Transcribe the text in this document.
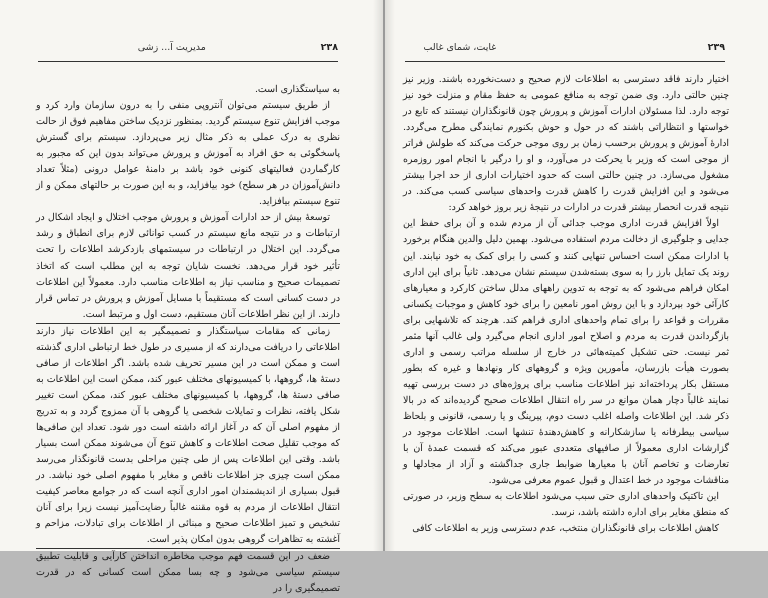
۲۳۸                                      مدیریت آ... زشی

به سیاستگذاری است.

از طریق سیستم می‌توان آنتروپی منفی را به درون سازمان وارد کرد و موجب افزایش تنوع سیستم گردید. بمنظور نزدیک ساختن مفاهیم فوق از حالت نظری به درک عملی به ذکر مثال زیر می‌پردازد. سیستم برای گسترش پاسخگوئی به حق افراد به آموزش و پرورش می‌تواند بدون این که مجبور به کارگماردن فعالیتهای کنونی خود باشد بر دامنهٔ عوامل درونی (مثلاً تعداد دانش‌آموزان در هر سطح) خود بیافزاید، و به این صورت بر حالتهای ممکن و از تنوع سیستم بیافزاید.

توسعهٔ بیش از حد ادارات آموزش و پرورش موجب اختلال و ایجاد اشکال در ارتباطات و در نتیجه مانع سیستم در کسب توانائی لازم برای انطباق و رشد می‌گردد. این اختلال در ارتباطات در سیستمهای بازدکرشد اطلاعات را تحت تأثیر خود قرار می‌دهد. نخست شایان توجه به این مطلب است که اتخاذ تصمیمات صحیح و مناسب نیاز به اطلاعات مناسب دارد. معمولاً این اطلاعات در دست کسانی است که مستقیماً با مسایل آموزش و پرورش در تماس قرار دارند. از این نظر اطلاعات آنان مستقیم، دست اول و مرتبط است.

زمانی که مقامات سیاستگذار و تصمیمگیر به این اطلاعات نیاز دارند اطلاعاتی را دریافت می‌دارند که از مسیری در طول خط ارتباطی اداری گذشته است و ممکن است در این مسیر تحریف شده باشد. اگر اطلاعات از صافی دستهٔ ها، گروهها، با کمیسیونهای مختلف عبور کند، ممکن است این اطلاعات به صافی دستهٔ ها، گروهها، با کمیسیونهای مختلف عبور کند، ممکن است تغییر شکل یافته، نظرات و تمایلات شخصی یا گروهی با آن ممزوج گردد و به تدریج از مفهوم اصلی آن که در آغاز ارائه داشته است دور شود. تعداد این صافی‌ها که موجب تقلیل صحت اطلاعات و کاهش تنوع آن می‌شوند ممکن است بسیار باشد. وقتی این اطلاعات پس از طی چنین مراحلی بدست قانونگذار می‌رسد ممکن است چیزی جز اطلاعات ناقص و مغایر با مفهوم اصلی خود نباشد. در قبول بسیاری از اندیشمندان امور اداری آنچه است که در جوامع معاصر کیفیت انتقال اطلاعات از مردم به قوه مقننه غالباً رضایت‌آمیز نیست زیرا برای آنان تشخیص و تمیز اطلاعات صحیح و مبنائی از اطلاعات برای تبادلات، مزاحم و آغشته به تظاهرات گروهی بدون امکان پذیر است.

ضعف در این قسمت فهم موجب مخاطره انداختن کارآیی و قابلیت تطبیق سیستم سیاسی می‌شود و چه بسا ممکن است کسانی که در قدرت تصمیمگیری را در

۲۳۹                                                                      غایت، شمای غالب

اختیار دارند فاقد دسترسی به اطلاعات لازم صحیح و دست‌نخورده باشند. وزیر نیز چنین حالتی دارد. وی ضمن توجه به منافع عمومی به حفظ مقام و منزلت خود نیز توجه دارد. لذا مسئولان ادارات آموزش و پرورش چون قانونگذاران نیستند که تابع در خواستها و انتظاراتی باشند که در حول و حوش بکنورم نمایندگی مطرح می‌گردد. ادارهٔ آموزش و پرورش برحسب زمان بر روی موجی حرکت می‌کند که طولش فراتر از موجی است که وزیر با یحرکت در می‌آورد، و او را درگیر با انجام امور روزمره مشغول می‌سازد. در چنین حالتی است که حدود اختیارات اداری از حد اجرا بیشتر می‌شود و این افزایش قدرت را کاهش قدرت واحدهای سیاسی کسب می‌کند. در نتیجه قدرت انحصار بیشتر قدرت در ادارات در نتیجهٔ زیر بروز خواهد کرد:

اولاً افزایش قدرت اداری موجب جدائی آن از مردم شده و آن برای حفظ این جدایی و جلوگیری از دخالت مردم استفاده می‌شود. بهمین دلیل والدین هنگام برخورد با ادارات ممکن است احساس تنهایی کنند و کسی را برای کمک به خود نیابند. این روند یک تمایل بارز را به سوی بسته‌شدن سیستم نشان می‌دهد. ثانیاً برای این اداری امکان فراهم می‌شود که به توجه به تدوین راههای مدلل ساختن کارکرد و معیارهای کارآئی خود بپردازد و با این روش امور نامعین را برای خود کاهش و موجبات یکسانی مقررات و قواعد را برای تمام واحدهای اداری فراهم کند. هرچند که تلاشهایی برای بازگرداندن قدرت به مردم و اصلاح امور اداری انجام می‌گیرد ولی غالب آنها مثمر ثمر نیست. حتی تشکیل کمیته‌هائی در خارج از سلسله مراتب رسمی و اداری بصورت هیأت بازرسان، مأمورین ویژه و گروههای کار ونهادها و غیره که بطور مستقل بکار پرداخته‌اند نیز اطلاعات مناسب برای پروژه‌های در دست بررسی تهیه نمایند غالباً دچار همان موانع در سر راه انتقال اطلاعات صحیح گردیده‌اند که در بالا ذکر شد. این اطلاعات واصله اغلب دست دوم، پیرینگ و یا رسمی، قانونی و بلحاظ سیاسی بیطرفانه یا سازشکارانه و کاهش‌دهندهٔ تنشها است. اطلاعات موجود در گزارشات اداری معمولاً از صافیهای متعددی عبور می‌کند که قسمت عمدهٔ آن با تعارضات و تخاصم آنان با معیارها ضوابط جاری جداگشته و آزاد از مجادلها و مناقشات موجود در خط اعتدال و قبول عموم معرفی می‌شود.

این تاکتیک واحدهای اداری حتی سبب می‌شود اطلاعات به سطح وزیر، در صورتی که منطق مغایر برای اداره داشته باشد، نرسد.

کاهش اطلاعات برای قانونگذاران منتخب، عدم دسترسی وزیر به اطلاعات کافی
